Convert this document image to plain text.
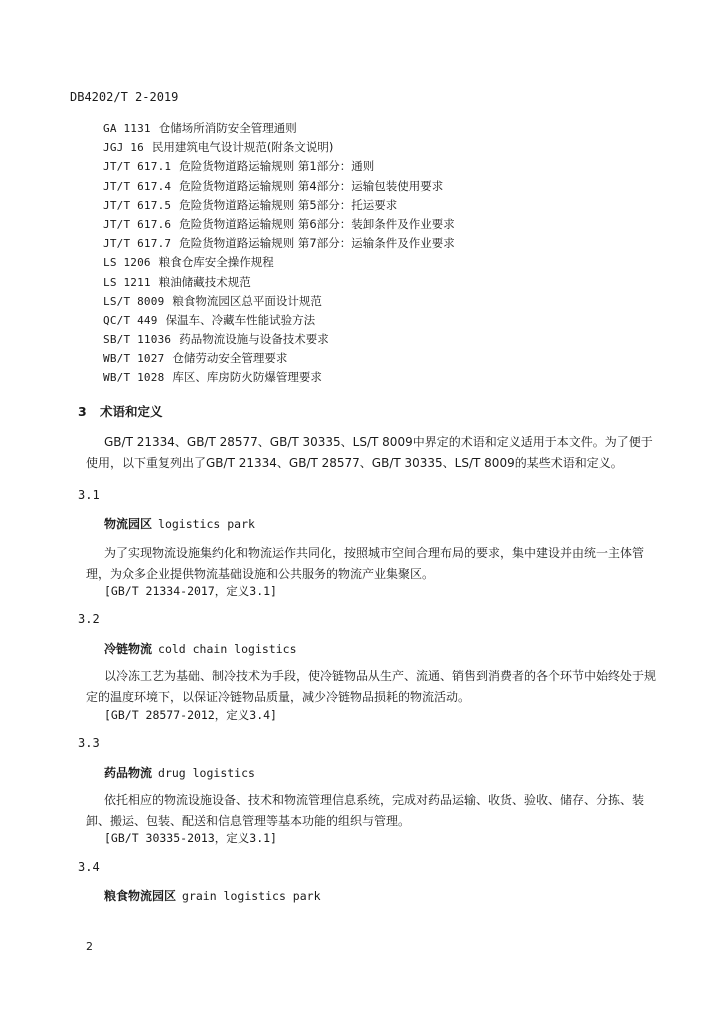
DB4202/T 2-2019
GA 1131 仓储场所消防安全管理通则
JGJ 16 民用建筑电气设计规范(附条文说明)
JT/T 617.1 危险货物道路运输规则 第1部分：通则
JT/T 617.4 危险货物道路运输规则 第4部分：运输包装使用要求
JT/T 617.5 危险货物道路运输规则 第5部分：托运要求
JT/T 617.6 危险货物道路运输规则 第6部分：装卸条件及作业要求
JT/T 617.7 危险货物道路运输规则 第7部分：运输条件及作业要求
LS 1206 粮食仓库安全操作规程
LS 1211 粮油储藏技术规范
LS/T 8009 粮食物流园区总平面设计规范
QC/T 449 保温车、冷藏车性能试验方法
SB/T 11036 药品物流设施与设备技术要求
WB/T 1027 仓储劳动安全管理要求
WB/T 1028 库区、库房防火防爆管理要求
3 术语和定义
GB/T 21334、GB/T 28577、GB/T 30335、LS/T 8009中界定的术语和定义适用于本文件。为了便于使用，以下重复列出了GB/T 21334、GB/T 28577、GB/T 30335、LS/T 8009的某些术语和定义。
3.1
物流园区 logistics park
为了实现物流设施集约化和物流运作共同化，按照城市空间合理布局的要求，集中建设并由统一主体管理，为众多企业提供物流基础设施和公共服务的物流产业集聚区。
[GB/T 21334-2017，定义3.1]
3.2
冷链物流 cold chain logistics
以冷冻工艺为基础、制冷技术为手段，使冷链物品从生产、流通、销售到消费者的各个环节中始终处于规定的温度环境下，以保证冷链物品质量，减少冷链物品损耗的物流活动。
[GB/T 28577-2012，定义3.4]
3.3
药品物流 drug logistics
依托相应的物流设施设备、技术和物流管理信息系统，完成对药品运输、收货、验收、储存、分拣、装卸、搬运、包装、配送和信息管理等基本功能的组织与管理。
[GB/T 30335-2013，定义3.1]
3.4
粮食物流园区 grain logistics park
2
